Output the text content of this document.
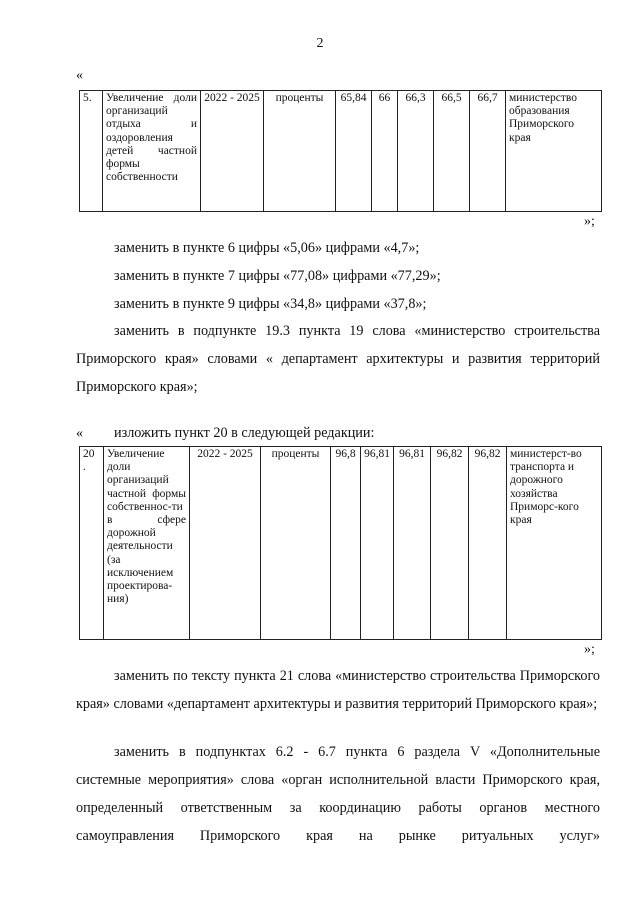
2
«
5.	Увеличение доли организаций отдыха и оздоровления детей частной формы собственности	2022 - 2025	проценты	65,84	66	66,3	66,5	66,7	министерство образования Приморского края
»;
заменить в пункте 6 цифры «5,06» цифрами «4,7»;
заменить в пункте 7 цифры «77,08» цифрами «77,29»;
заменить в пункте 9 цифры «34,8» цифрами «37,8»;

заменить в подпункте 19.3 пункта 19 слова «министерство строительства Приморского края» словами « департамент архитектуры и развития территорий Приморского края»;

изложить пункт 20 в следующей редакции:
«
20 .	Увеличение доли организаций частной формы собственнос-ти в сфере дорожной деятельности (за исключением проектирова-ния)	2022 - 2025	проценты	96,8	96,81	96,81	96,82	96,82	министерст-во транспорта и дорожного хозяйства Приморс-кого края
»;

заменить по тексту пункта 21 слова «министерство строительства Приморского края» словами «департамент архитектуры и развития территорий Приморского края»;

заменить в подпунктах 6.2 - 6.7 пункта 6 раздела V «Дополнительные системные мероприятия» слова «орган исполнительной власти Приморского края, определенный ответственным за координацию работы органов местного самоуправления Приморского края на рынке ритуальных услуг»
